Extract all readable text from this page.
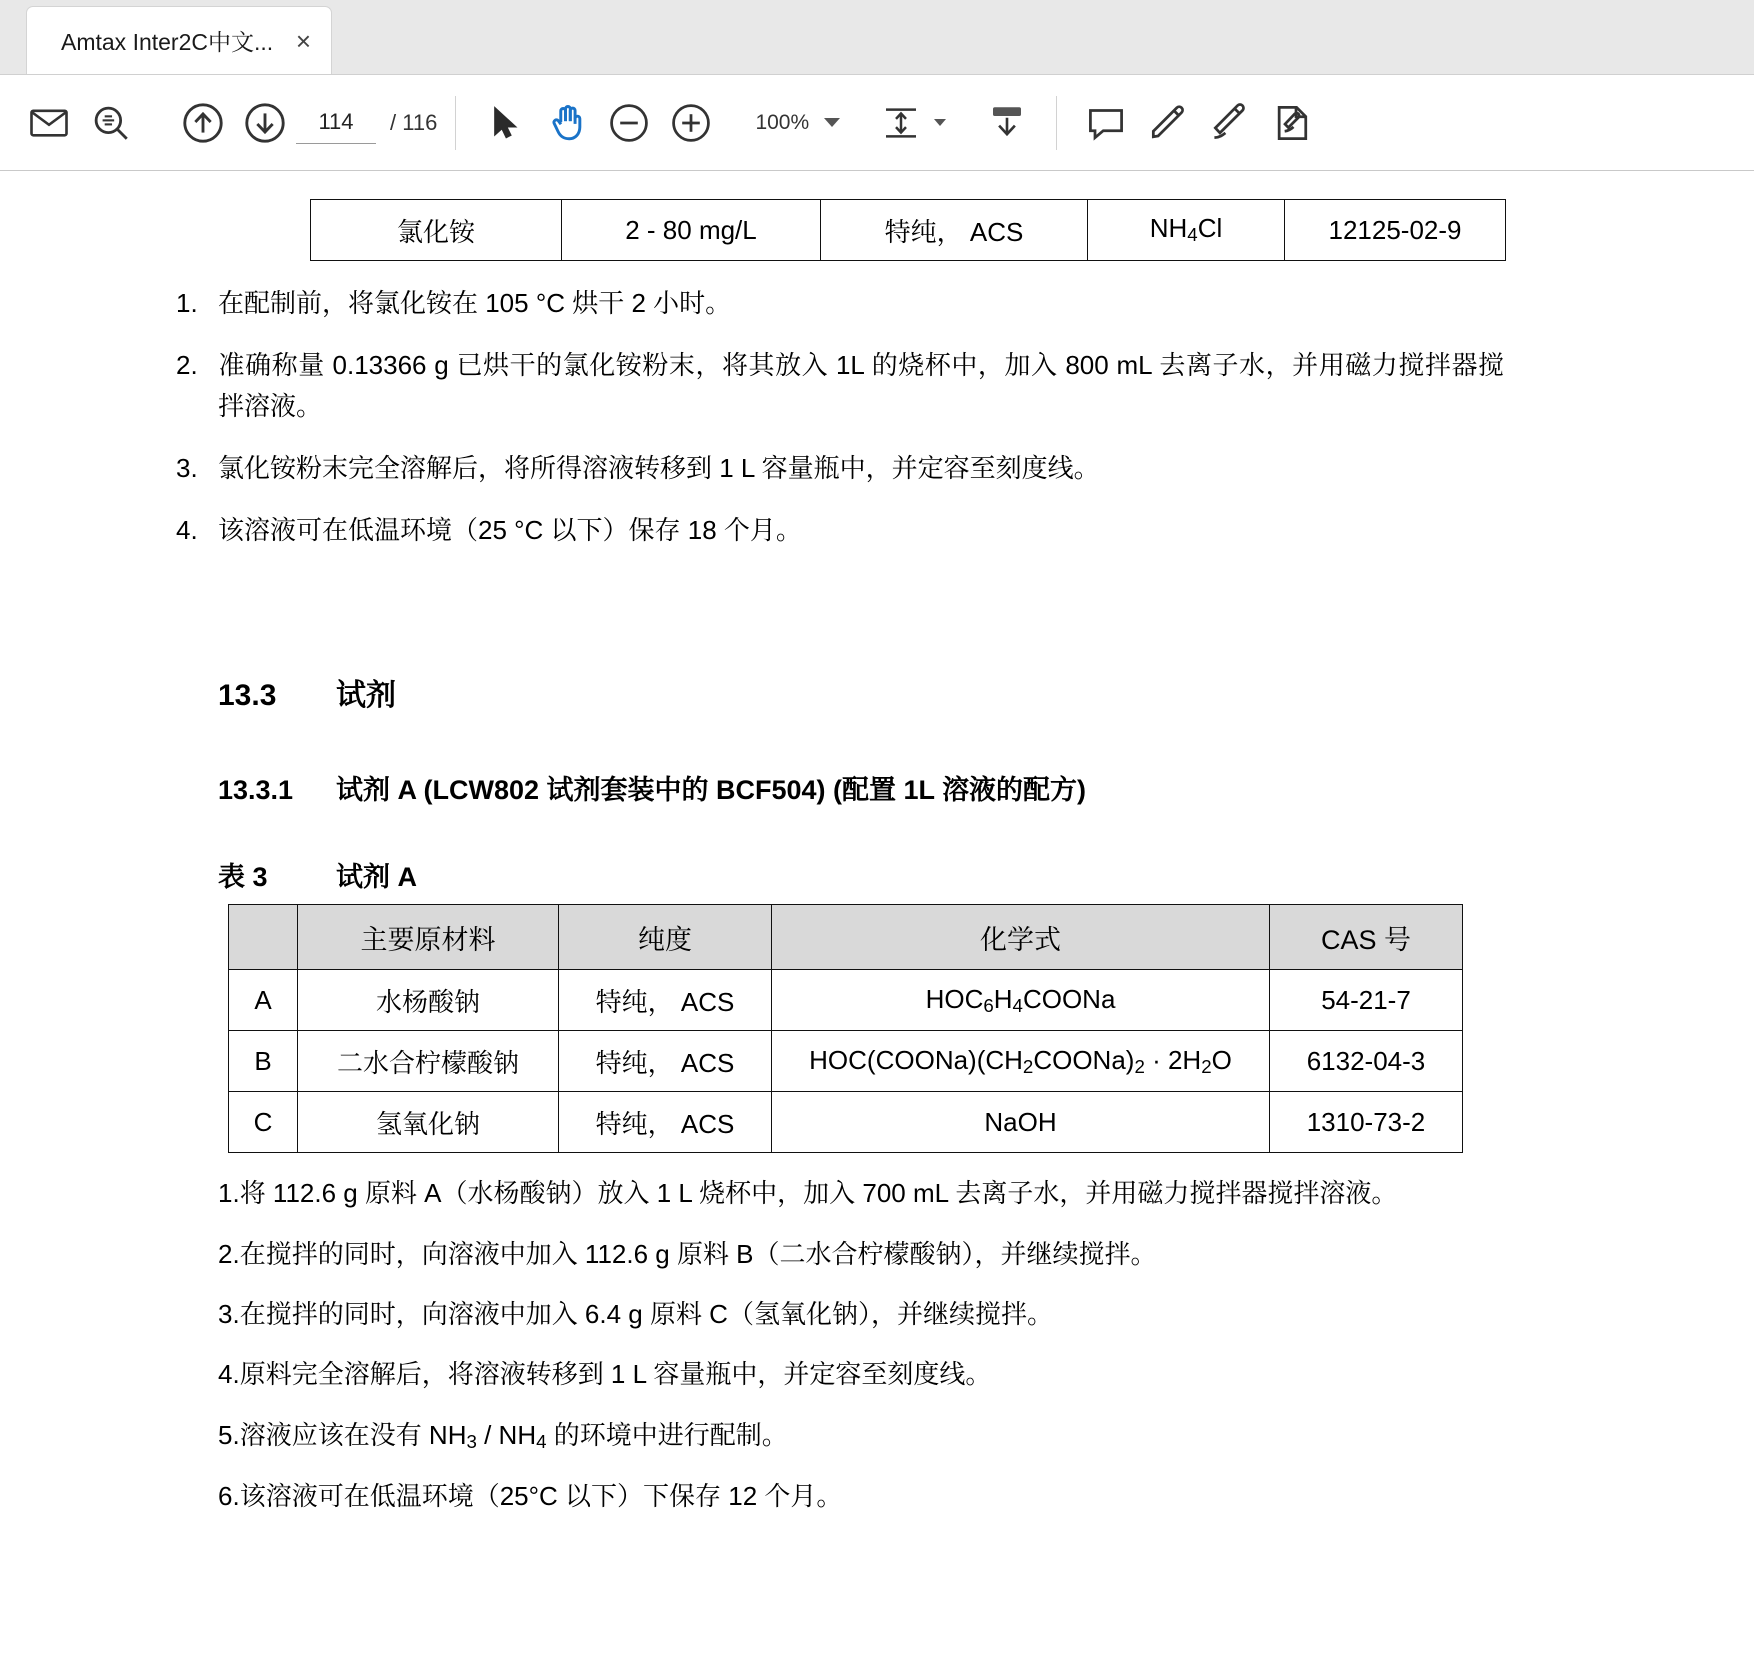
Amtax Inter2C中文... ×
114
/ 116	100%
氯化铵	2 - 80 mg/L	特纯， ACS	$NH_4Cl$	12125-02-9

1. 在配制前，将氯化铵在 105 °C 烘干 2 小时。

2. 准确称量 0.13366 g 已烘干的氯化铵粉末，将其放入 1L 的烧杯中，加入 800 mL 去离子水，并用磁力搅拌器搅拌溶液。

3. 氯化铵粉末完全溶解后，将所得溶液转移到 1 L 容量瓶中，并定容至刻度线。

4. 该溶液可在低温环境（25 °C 以下）保存 18 个月。

13.3 试剂
13.3.1 试剂 A (LCW802 试剂套装中的 BCF504) (配置 1L 溶液的配方)
表 3	试剂 A
	主要原材料	纯度	化学式	CAS 号
A	水杨酸钠	特纯， ACS	$HOC_6H_4COONa$	54-21-7
B	二水合柠檬酸钠	特纯， ACS	$HOC(COONa)(CH_2COONa)_2 \cdot 2H_2O$	6132-04-3
C	氢氧化钠	特纯， ACS	NaOH	1310-73-2

1.将 112.6 g 原料 A（水杨酸钠）放入 1 L 烧杯中，加入 700 mL 去离子水，并用磁力搅拌器搅拌溶液。

2.在搅拌的同时，向溶液中加入 112.6 g 原料 B（二水合柠檬酸钠），并继续搅拌。

3.在搅拌的同时，向溶液中加入 6.4 g 原料 C（氢氧化钠），并继续搅拌。

4.原料完全溶解后，将溶液转移到 1 L 容量瓶中，并定容至刻度线。

5.溶液应该在没有 $NH_3 / NH_4$ 的环境中进行配制。

6.该溶液可在低温环境（25°C 以下）下保存 12 个月。
